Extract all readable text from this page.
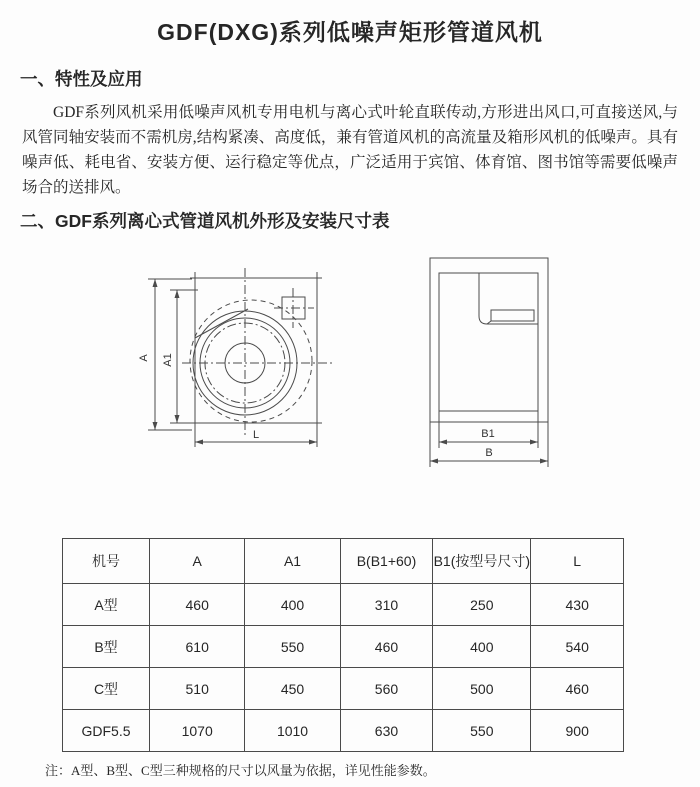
GDF(DXG)系列低噪声矩形管道风机
一、特性及应用

GDF系列风机采用低噪声风机专用电机与离心式叶轮直联传动,方形进出风口,可直接送风,与风管同轴安装而不需机房,结构紧凑、高度低，兼有管道风机的高流量及箱形风机的低噪声。具有噪声低、耗电省、安装方便、运行稳定等优点，广泛适用于宾馆、体育馆、图书馆等需要低噪声场合的送排风。

二、GDF系列离心式管道风机外形及安装尺寸表
A A1
L	B1
B
机号	A	A1	B(B1+60)	B1(按型号尺寸)	L
A型	460	400	310	250	430
B型	610	550	460	400	540
C型	510	450	560	500	460
GDF5.5	1070	1010	630	550	900

注：A型、B型、C型三种规格的尺寸以风量为依据，详见性能参数。
